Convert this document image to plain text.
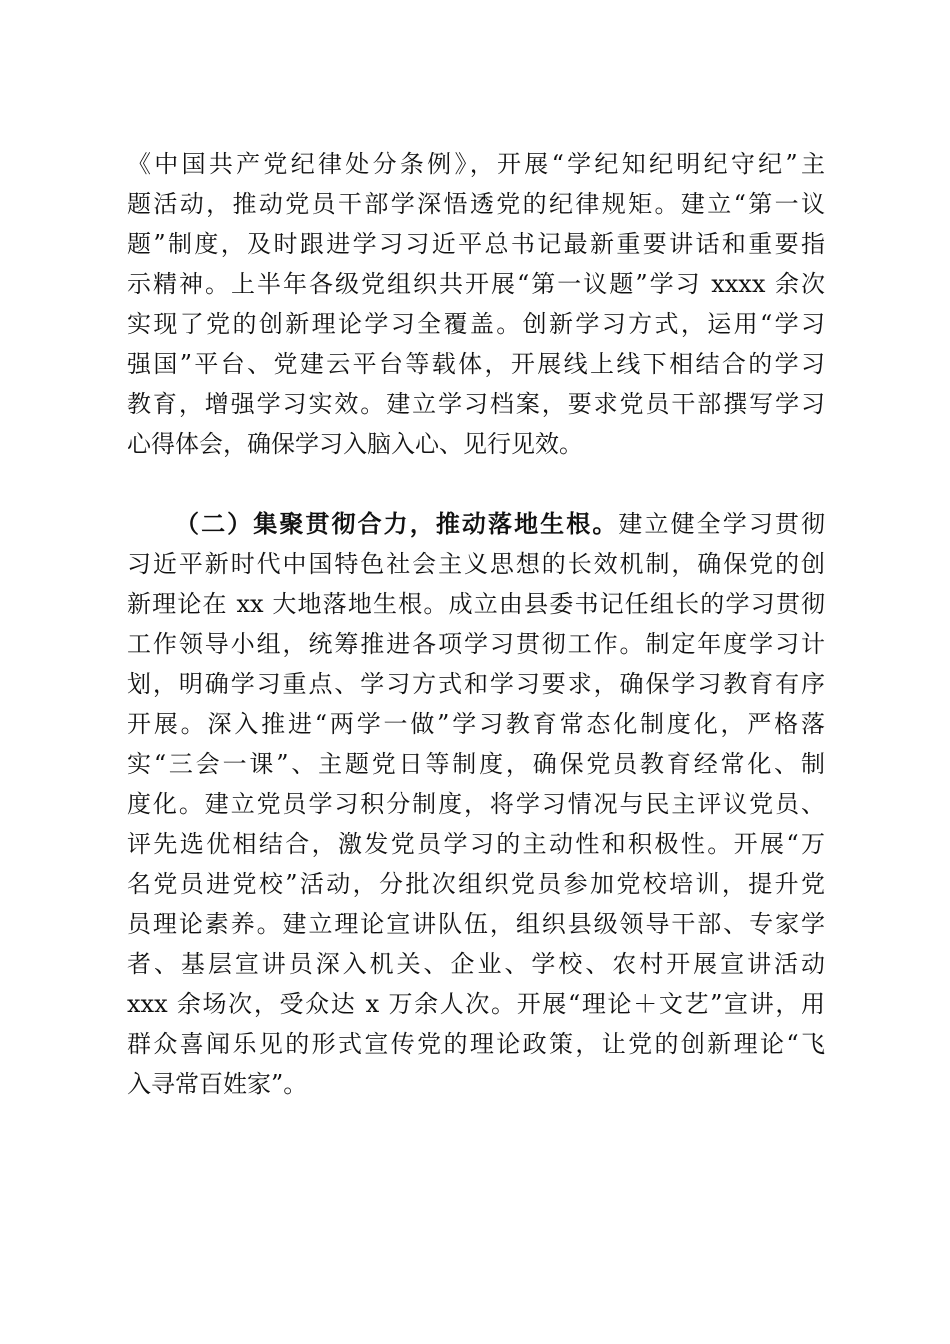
《中国共产党纪律处分条例》，开展“学纪知纪明纪守纪”主
题活动，推动党员干部学深悟透党的纪律规矩。建立“第一议
题”制度，及时跟进学习习近平总书记最新重要讲话和重要指
示精神。上半年各级党组织共开展“第一议题”学习 xxxx 余次
实现了党的创新理论学习全覆盖。创新学习方式，运用“学习
强国”平台、党建云平台等载体，开展线上线下相结合的学习
教育，增强学习实效。建立学习档案，要求党员干部撰写学习
心得体会，确保学习入脑入心、见行见效。
（二）集聚贯彻合力，推动落地生根。建立健全学习贯彻
习近平新时代中国特色社会主义思想的长效机制，确保党的创
新理论在 xx 大地落地生根。成立由县委书记任组长的学习贯彻
工作领导小组，统筹推进各项学习贯彻工作。制定年度学习计
划，明确学习重点、学习方式和学习要求，确保学习教育有序
开展。深入推进“两学一做”学习教育常态化制度化，严格落
实“三会一课”、主题党日等制度，确保党员教育经常化、制
度化。建立党员学习积分制度，将学习情况与民主评议党员、
评先选优相结合，激发党员学习的主动性和积极性。开展“万
名党员进党校”活动，分批次组织党员参加党校培训，提升党
员理论素养。建立理论宣讲队伍，组织县级领导干部、专家学
者、基层宣讲员深入机关、企业、学校、农村开展宣讲活动
xxx 余场次，受众达 x 万余人次。开展“理论＋文艺”宣讲，用
群众喜闻乐见的形式宣传党的理论政策，让党的创新理论“飞
入寻常百姓家”。
